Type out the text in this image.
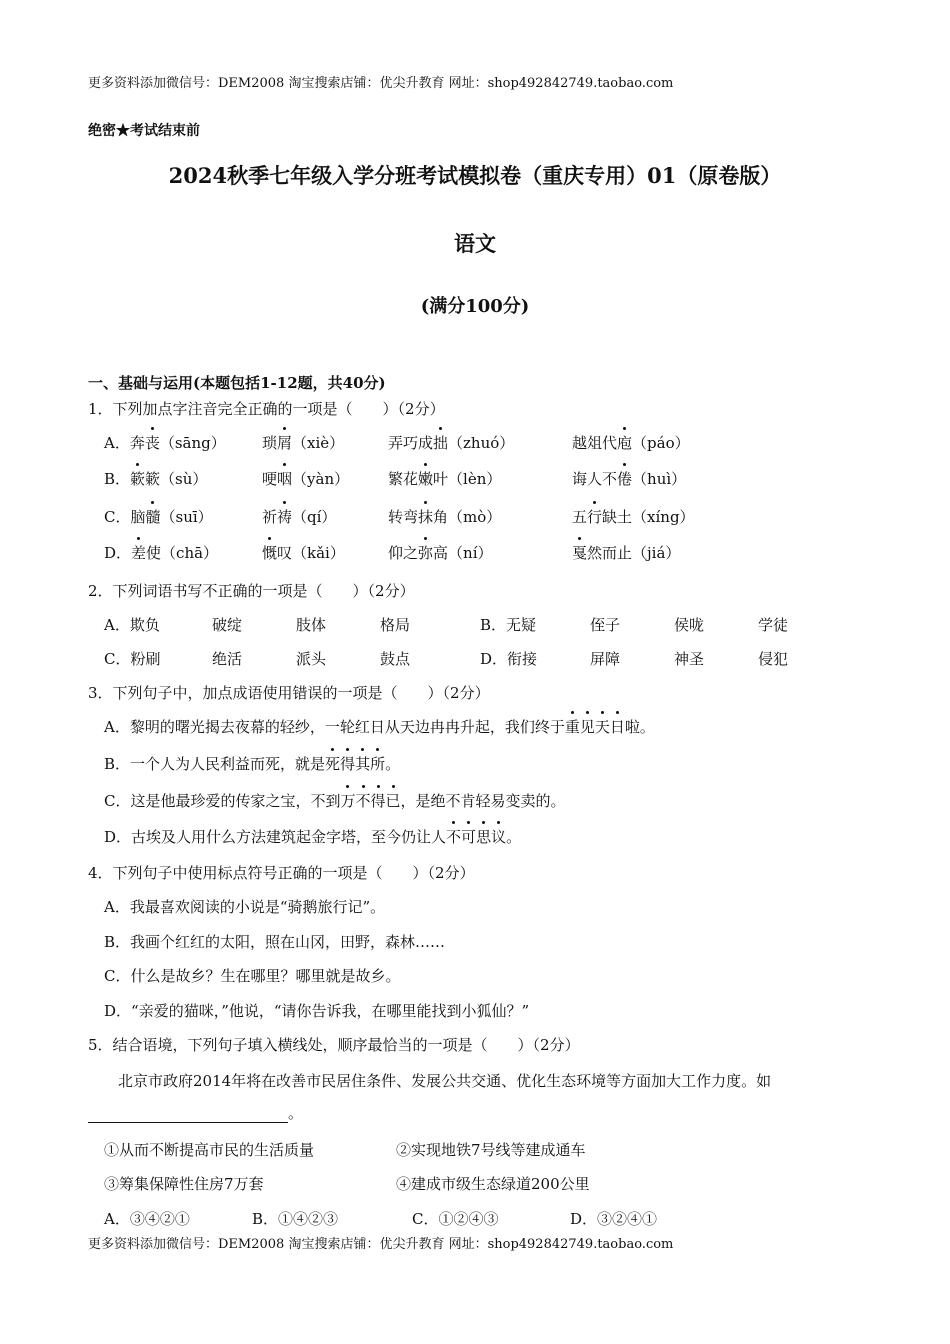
更多资料添加微信号：DEM2008 淘宝搜索店铺：优尖升教育 网址：shop492842749.taobao.com
绝密★考试结束前
2024秋季七年级入学分班考试模拟卷（重庆专用）01（原卷版）
语文
(满分100分)
一、基础与运用(本题包括1-12题，共40分)
1．下列加点字注音完全正确的一项是（　　）（2分）
A．奔丧（sāng） 琐屑（xiè）	弄巧成拙（zhuó）	越俎代庖（páo）
B．簌簌（sù）	哽咽（yàn）	繁花嫩叶（lèn）	诲人不倦（huì）
C．脑髓（suī）	祈祷（qí）	转弯抹角（mò）	五行缺土（xíng）
D．差使（chā）	慨叹（kǎi）	仰之弥高（ní）	戛然而止（jiá）
2．下列词语书写不正确的一项是（　　）（2分）
A．欺负	破绽	肢体	格局	B．无疑	侄子	侯咙	学徒
C．粉刷	绝活	派头	鼓点	D．衔接	屏障	神圣	侵犯
3．下列句子中，加点成语使用错误的一项是（　　）（2分）
A．黎明的曙光揭去夜幕的轻纱，一轮红日从天边冉冉升起，我们终于重见天日啦。
B．一个人为人民利益而死，就是死得其所。
C．这是他最珍爱的传家之宝，不到万不得已，是绝不肯轻易变卖的。
D．古埃及人用什么方法建筑起金字塔，至今仍让人不可思议。
4．下列句子中使用标点符号正确的一项是（　　）（2分）
A．我最喜欢阅读的小说是“骑鹅旅行记”。
B．我画个红红的太阳，照在山冈，田野，森林……
C．什么是故乡？生在哪里？哪里就是故乡。
D．“亲爱的猫咪，”他说，“请你告诉我，在哪里能找到小狐仙？”
5．结合语境，下列句子填入横线处，顺序最恰当的一项是（　　）（2分）
北京市政府2014年将在改善市民居住条件、发展公共交通、优化生态环境等方面加大工作力度。如
。
①从而不断提高市民的生活质量	②实现地铁7号线等建成通车
③筹集保障性住房7万套	④建成市级生态绿道200公里
A．③④②①	B．①④②③	C．①②④③	D．③②④①
更多资料添加微信号：DEM2008 淘宝搜索店铺：优尖升教育 网址：shop492842749.taobao.com
